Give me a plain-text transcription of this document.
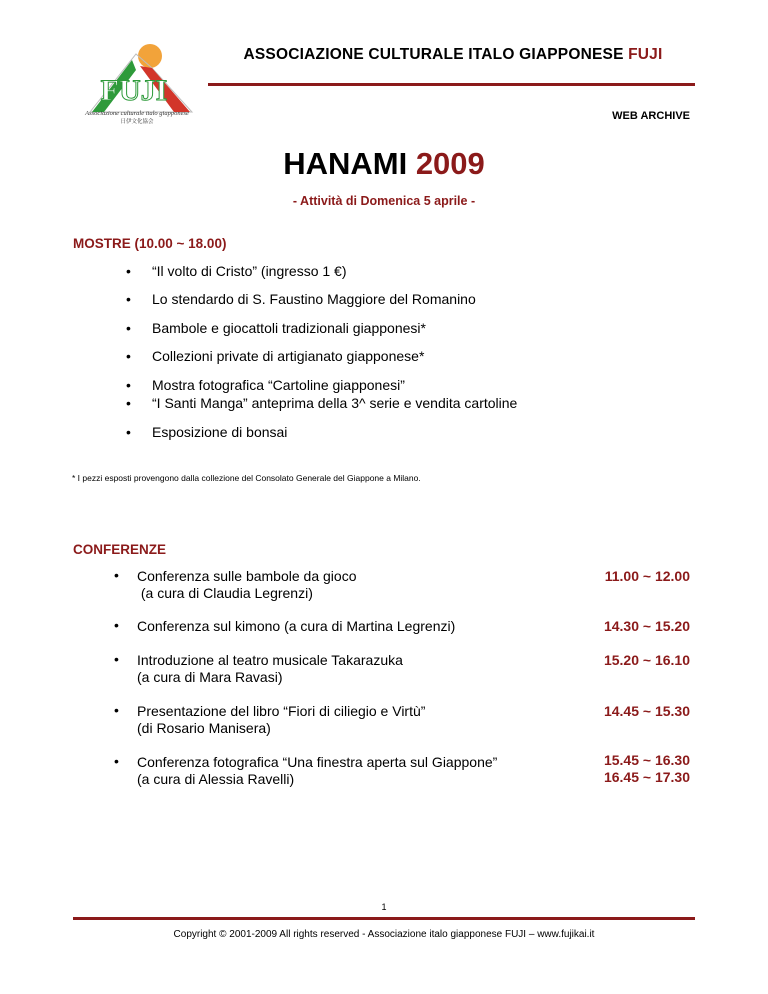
FUJI
Associazione culturale italo giapponese
日伊文化協会
ASSOCIAZIONE CULTURALE ITALO GIAPPONESE FUJI
WEB ARCHIVE
HANAMI 2009
- Attività di Domenica 5 aprile -
MOSTRE (10.00 ~ 18.00)
• “Il volto di Cristo” (ingresso 1 €)
• Lo stendardo di S. Faustino Maggiore del Romanino
• Bambole e giocattoli tradizionali giapponesi*
• Collezioni private di artigianato giapponese*
• Mostra fotografica “Cartoline giapponesi”
• “I Santi Manga” anteprima della 3^ serie e vendita cartoline
• Esposizione di bonsai
* I pezzi esposti provengono dalla collezione del Consolato Generale del Giappone a Milano.
CONFERENZE
• Conferenza sulle bambole da gioco
(a cura di Claudia Legrenzi)
11.00 ~ 12.00
• Conferenza sul kimono (a cura di Martina Legrenzi)	14.30 ~ 15.20
• Introduzione al teatro musicale Takarazuka
(a cura di Mara Ravasi)
15.20 ~ 16.10
• Presentazione del libro “Fiori di ciliegio e Virtù”
(di Rosario Manisera)
14.45 ~ 15.30
• Conferenza fotografica “Una finestra aperta sul Giappone”
(a cura di Alessia Ravelli)
15.45 ~ 16.30
16.45 ~ 17.30
1
Copyright © 2001-2009 All rights reserved - Associazione italo giapponese FUJI – www.fujikai.it
